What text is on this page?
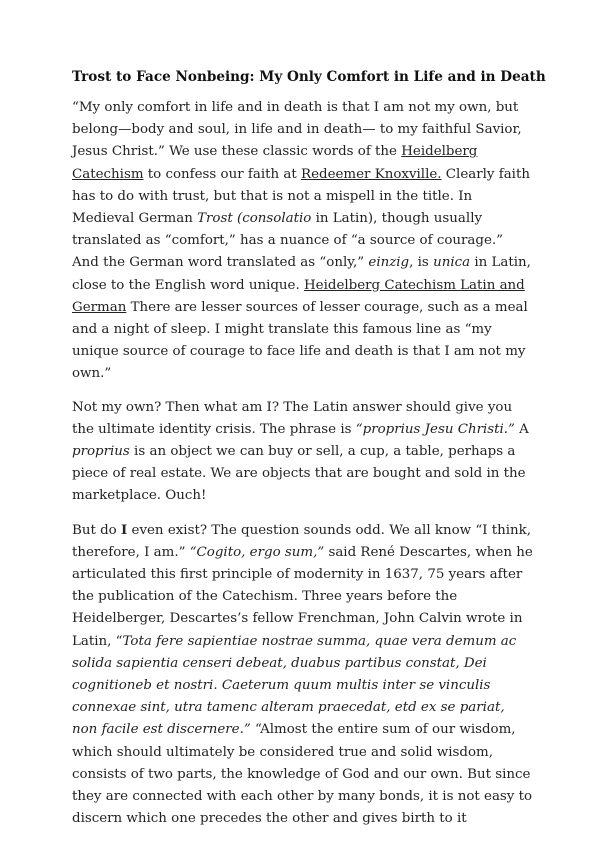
Trost to Face Nonbeing: My Only Comfort in Life and in Death

“My only comfort in life and in death is that I am not my own, but belong—body and soul, in life and in death— to my faithful Savior, Jesus Christ.” We use these classic words of the Heidelberg Catechism to confess our faith at Redeemer Knoxville. Clearly faith has to do with trust, but that is not a mispell in the title. In Medieval German Trost (consolatio in Latin), though usually translated as “comfort,” has a nuance of “a source of courage.” And the German word translated as “only,” einzig, is unica in Latin, close to the English word unique. Heidelberg Catechism Latin and German There are lesser sources of lesser courage, such as a meal and a night of sleep. I might translate this famous line as “my unique source of courage to face life and death is that I am not my own.”

Not my own? Then what am I? The Latin answer should give you the ultimate identity crisis. The phrase is “proprius Jesu Christi.” A proprius is an object we can buy or sell, a cup, a table, perhaps a piece of real estate. We are objects that are bought and sold in the marketplace. Ouch!

But do I even exist? The question sounds odd. We all know “I think, therefore, I am.” “Cogito, ergo sum,” said René Descartes, when he articulated this first principle of modernity in 1637, 75 years after the publication of the Catechism. Three years before the Heidelberger, Descartes’s fellow Frenchman, John Calvin wrote in Latin, “Tota fere sapientiae nostrae summa, quae vera demum ac solida sapientia censeri debeat, duabus partibus constat, Dei cognitioneb et nostri. Caeterum quum multis inter se vinculis connexae sint, utra tamenc alteram praecedat, etd ex se pariat, non facile est discernere.” “Almost the entire sum of our wisdom, which should ultimately be considered true and solid wisdom, consists of two parts, the knowledge of God and our own. But since they are connected with each other by many bonds, it is not easy to discern which one precedes the other and gives birth to it
